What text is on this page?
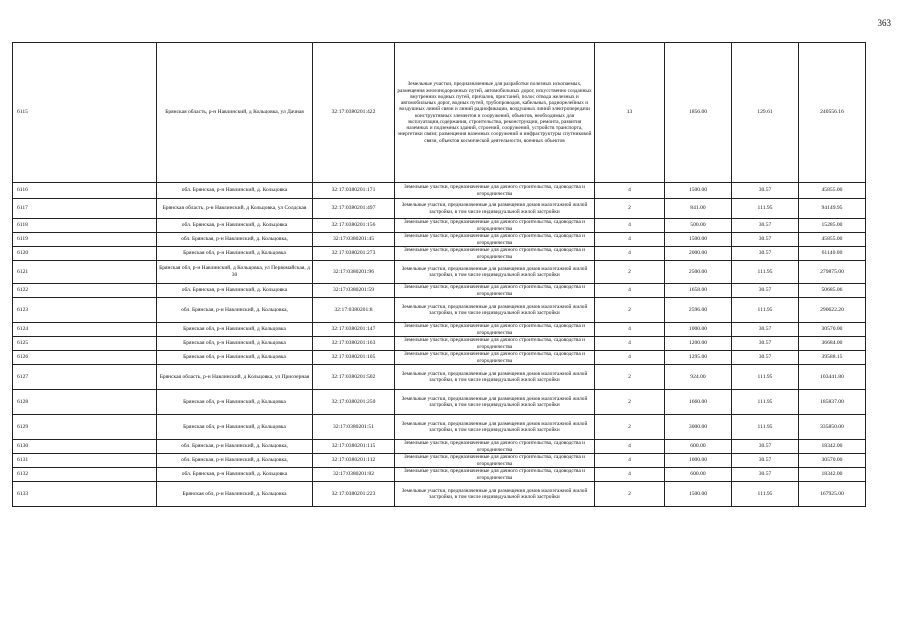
363
6115	Брянская область, р-н Навлинский, д Кольцовка, ул Дачная	32:17:0380201:422	Земельные участки, предназначенные для разработки полезных ископаемых, размещения железнодорожных путей, автомобильных дорог, искусственно созданных внутренних водных путей, причалов, пристаней, полос отвода железных и автомобильных дорог, водных путей, трубопроводов, кабельных, радиорелейных и воздушных линий связи и линий радиофикации, воздушных линий электропередачи конструктивных элементов и сооружений, объектов, необходимых для эксплуатации,содержания, строительства, реконструкции, ремонта, развития наземных и подземных зданий, строений, сооружений, устройств транспорта, энергетики связи; размещения наземных сооружений и инфраструктуры спутниковой связи, объектов космической деятельности, военных объектов	13	1856.00	129.61	240556.16
6116	обл. Брянская, р-н Навлинский, д. Кольцовка	32:17:0380201:171	Земельные участки, предназначенные для дачного строительства, садоводства и огородничества	4	1500.00	30.57	45855.00
6117	Брянская область, р-н Навлинский, д Кольцовка, ул Солдская	32:17:0380201:497	Земельные участки, предназначенные для размещения домов малоэтажной жилой застройки, в том числе индивидуальной жилой застройки	2	841.00	111.95	94149.95
6118	обл. Брянская, р-н Навлинский, д. Кольцовка	32:17:0380201:156	Земельные участки, предназначенные для дачного строительства, садоводства и огородничества	4	500.00	30.57	15285.00
6119	обл. Брянская, р-н Навлинский, д. Кольцовка,	32:17:0380201:45	Земельные участки, предназначенные для дачного строительства, садоводства и огородничества	4	1500.00	30.57	45855.00
6120	Брянская обл, р-н Навлинский, д Кольцовка	32:17:0380201:273	Земельные участки, предназначенные для дачного строительства, садоводства и огородничества	4	2000.00	30.57	61140.00
6121	Брянская обл, р-н Навлинский, д Кольцовка, ул Первомайская, д 30	32:17:0380201:96	Земельные участки, предназначенные для размещения домов малоэтажной жилой застройки, в том числе индивидуальной жилой застройки	2	2500.00	111.95	279875.00
6122	обл. Брянская, р-н Навлинский, д. Кольцовка	32:17:0380201:59	Земельные участки, предназначенные для дачного строительства, садоводства и огородничества	4	1658.00	30.57	50685.06
6123	обл. Брянская, р-н Навлинский, д. Кольцовка,	32:17:0380201:8	Земельные участки, предназначенные для размещения домов малоэтажной жилой застройки, в том числе индивидуальной жилой застройки	2	2596.00	111.95	290622.20
6124	Брянская обл, р-н Навлинский, д Кольцовка	32:17:0380201:147	Земельные участки, предназначенные для дачного строительства, садоводства и огородничества	4	1000.00	30.57	30570.00
6125	Брянская обл, р-н Навлинский, д Кольцовка	32:17:0380201:163	Земельные участки, предназначенные для дачного строительства, садоводства и огородничества	4	1200.00	30.57	36684.00
6126	Брянская обл, р-н Навлинский, д Кольцовка	32:17:0380201:105	Земельные участки, предназначенные для дачного строительства, садоводства и огородничества	4	1295.00	30.57	39588.15
6127	Брянская область, р-н Навлинский, д Кольцовка, ул Приозерная	32:17:0380201:502	Земельные участки, предназначенные для размещения домов малоэтажной жилой застройки, в том числе индивидуальной жилой застройки	2	924.00	111.95	103441.80
6128	Брянская обл, р-н Навлинский, д Кольцовка	32:17:0380201:250	Земельные участки, предназначенные для размещения домов малоэтажной жилой застройки, в том числе индивидуальной жилой застройки	2	1660.00	111.95	185837.00
6129	Брянская обл, р-н Навлинский, д Кольцовка	32:17:0380201:51	Земельные участки, предназначенные для размещения домов малоэтажной жилой застройки, в том числе индивидуальной жилой застройки	2	3000.00	111.95	335850.00
6130	обл. Брянская, р-н Навлинский, д. Кольцовка,	32:17:0380201:115	Земельные участки, предназначенные для дачного строительства, садоводства и огородничества	4	600.00	30.57	18342.00
6131	обл. Брянская, р-н Навлинский, д. Кольцовка,	32:17:0380201:112	Земельные участки, предназначенные для дачного строительства, садоводства и огородничества	4	1000.00	30.57	30570.00
6132	обл. Брянская, р-н Навлинский, д. Кольцовка	32:17:0380201:82	Земельные участки, предназначенные для дачного строительства, садоводства и огородничества	4	600.00	30.57	18342.00
6133	Брянская обл, р-н Навлинский, д. Кольцовка	32:17:0380201:223	Земельные участки, предназначенные для размещения домов малоэтажной жилой застройки, в том числе индивидуальной жилой застройки	2	1500.00	111.95	167925.00
